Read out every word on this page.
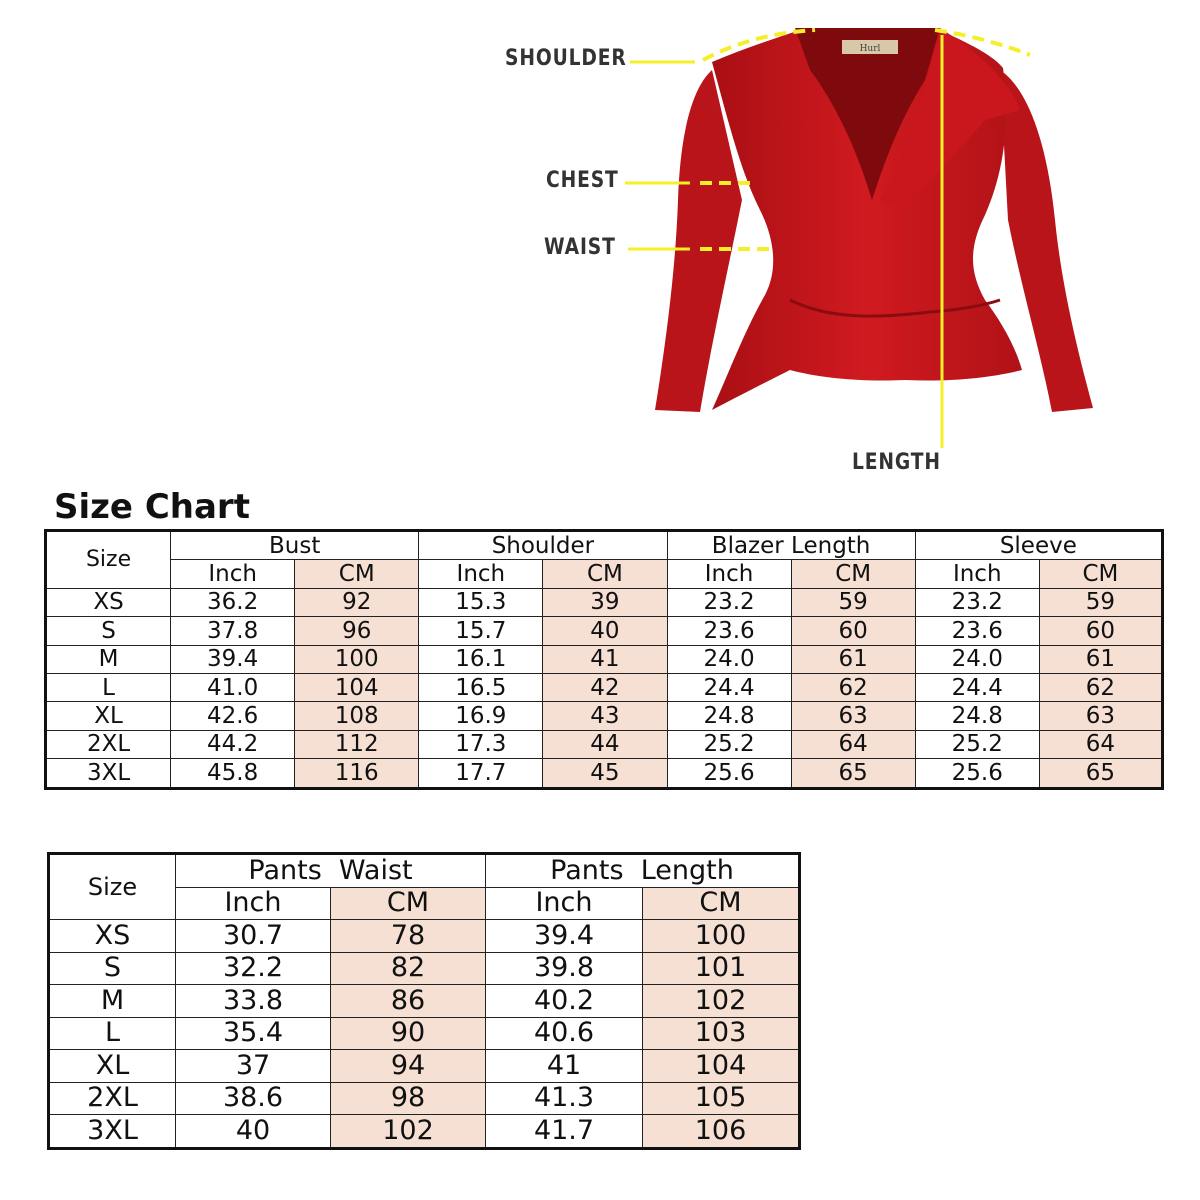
Hurl
SHOULDER
CHEST
WAIST
LENGTH
Size Chart
Size	Bust		Shoulder		Blazer Length		Sleeve	
	Inch	CM	Inch	CM	Inch	CM	Inch	CM
XS	36.2	92	15.3	39	23.2	59	23.2	59
S	37.8	96	15.7	40	23.6	60	23.6	60
M	39.4	100	16.1	41	24.0	61	24.0	61
L	41.0	104	16.5	42	24.4	62	24.4	62
XL	42.6	108	16.9	43	24.8	63	24.8	63
2XL	44.2	112	17.3	44	25.2	64	25.2	64
3XL	45.8	116	17.7	45	25.6	65	25.6	65
Size	Pants  Waist		Pants  Length	
	Inch	CM	Inch	CM
XS	30.7	78	39.4	100
S	32.2	82	39.8	101
M	33.8	86	40.2	102
L	35.4	90	40.6	103
XL	37	94	41	104
2XL	38.6	98	41.3	105
3XL	40	102	41.7	106
